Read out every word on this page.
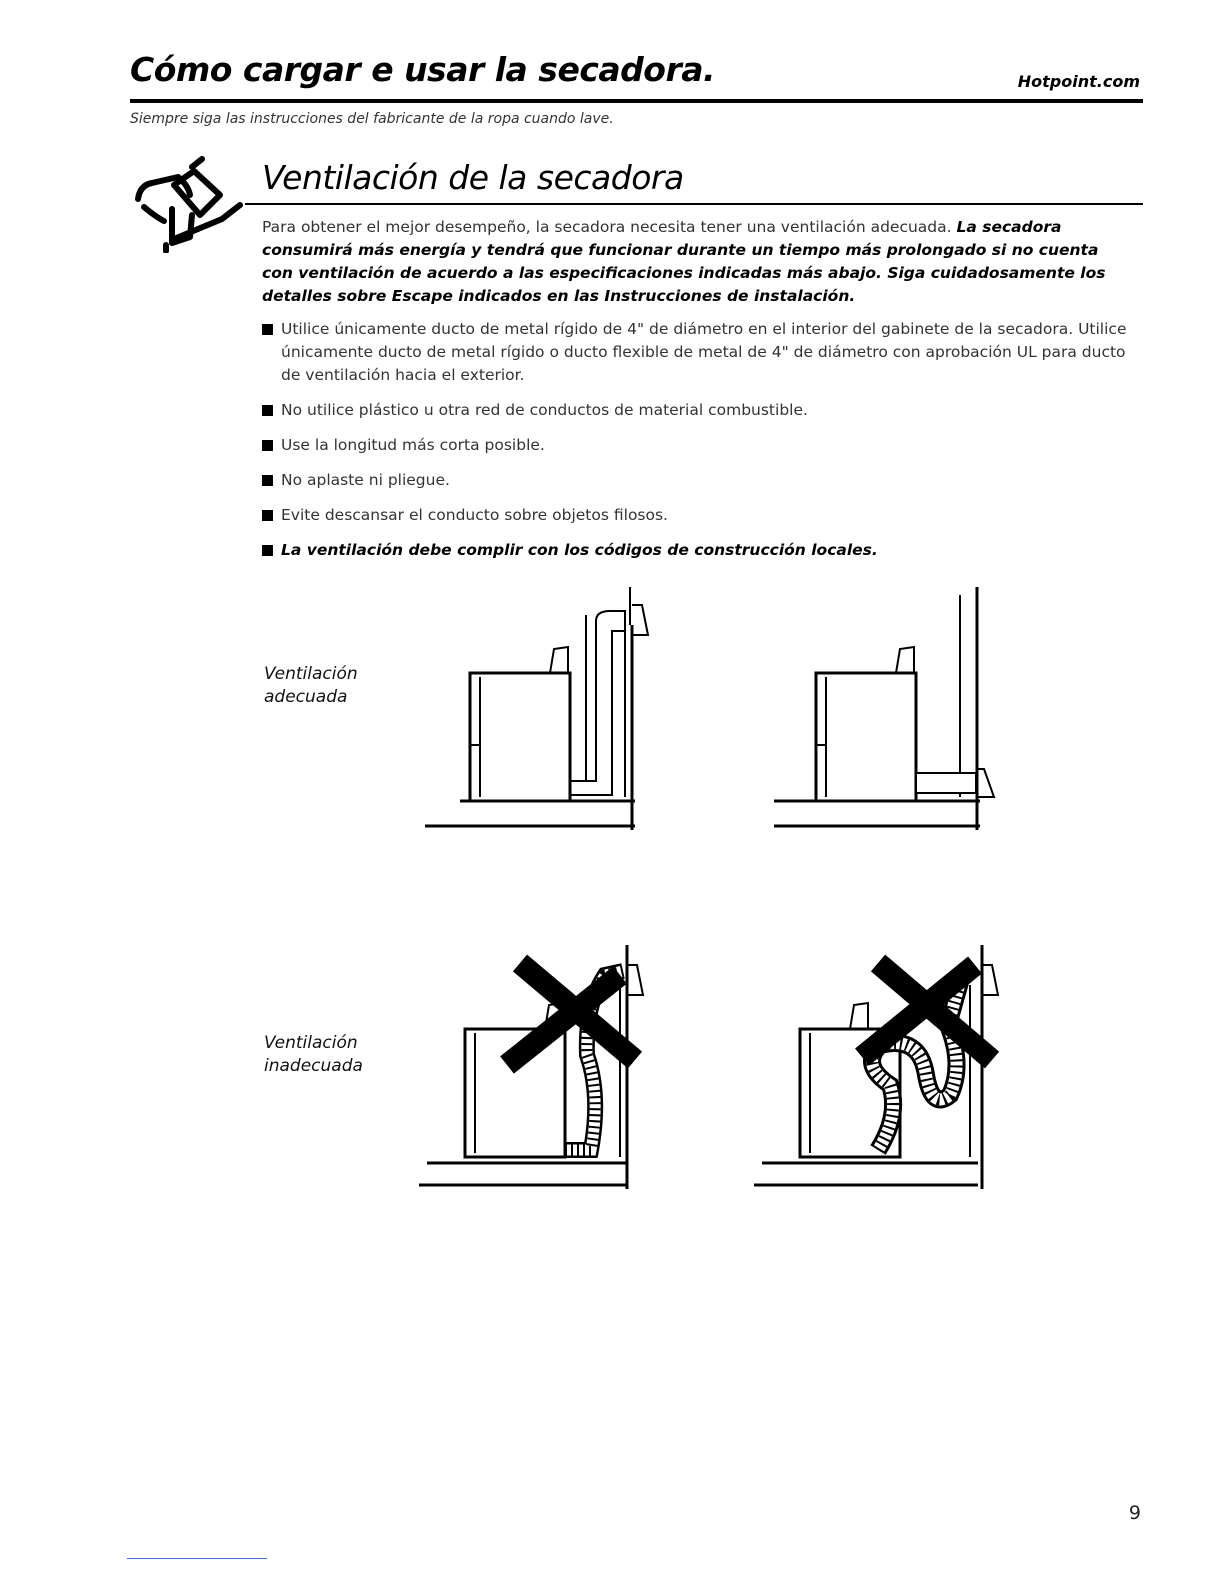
Cómo cargar e usar la secadora.	Hotpoint.com
Siempre siga las instrucciones del fabricante de la ropa cuando lave.
Ventilación de la secadora

Para obtener el mejor desempeño, la secadora necesita tener una ventilación adecuada. La secadora consumirá más energía y tendrá que funcionar durante un tiempo más prolongado si no cuenta con ventilación de acuerdo a las especificaciones indicadas más abajo. Siga cuidadosamente los detalles sobre Escape indicados en las Instrucciones de instalación.

Utilice únicamente ducto de metal rígido de 4" de diámetro en el interior del gabinete de la secadora. Utilice únicamente ducto de metal rígido o ducto flexible de metal de 4" de diámetro con aprobación UL para ducto de ventilación hacia el exterior.
No utilice plástico u otra red de conductos de material combustible.
Use la longitud más corta posible.
No aplaste ni pliegue.
Evite descansar el conducto sobre objetos filosos.
La ventilación debe complir con los códigos de construcción locales.
Ventilación
adecuada
Ventilación
inadecuada
9
